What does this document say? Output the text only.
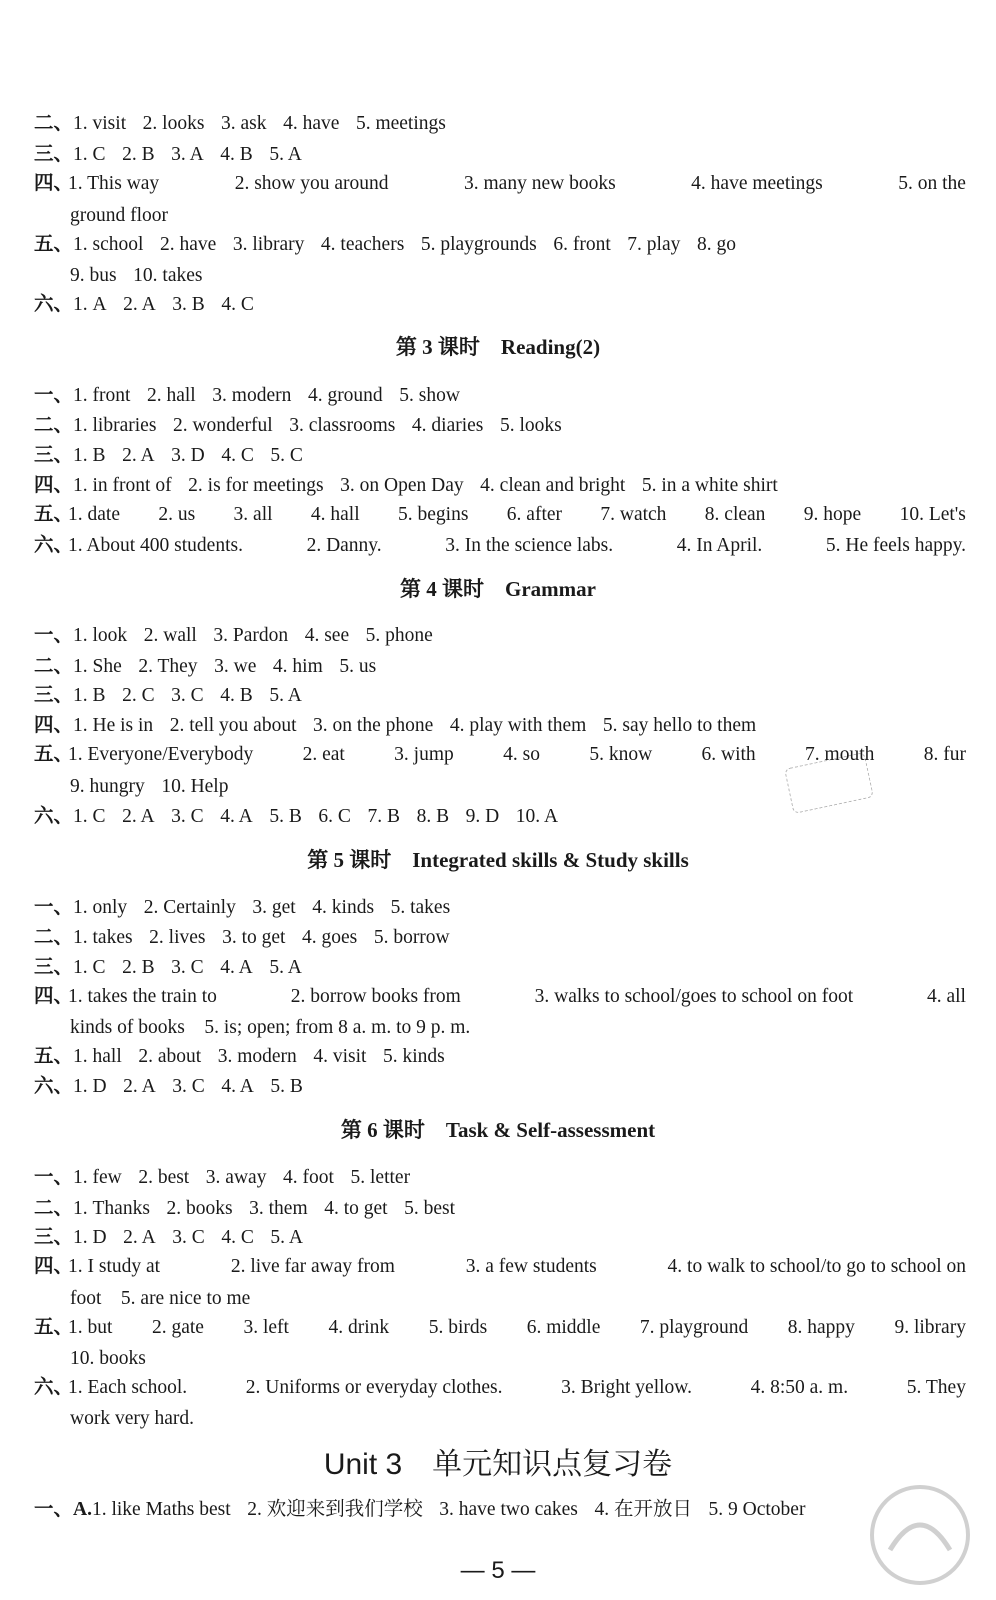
— 5 —
二、1. visit 2. looks 3. ask 4. have 5. meetings
三、1. C 2. B 3. A 4. B 5. A
四、
1. This way	2. show you around	3. many new books	4. have meetings	5. on the
ground floor
五、1. school 2. have 3. library 4. teachers 5. playgrounds 6. front 7. play 8. go
9. bus 10. takes
六、1. A 2. A 3. B 4. C
第 3 课时　Reading(2)
一、1. front 2. hall 3. modern 4. ground 5. show
二、1. libraries 2. wonderful 3. classrooms 4. diaries 5. looks
三、1. B 2. A 3. D 4. C 5. C
四、1. in front of 2. is for meetings 3. on Open Day 4. clean and bright 5. in a white shirt
五、
1. date 2. us 3. all 4. hall 5. begins 6. after 7. watch 8. clean 9. hope 10. Let's
六、
1. About 400 students.	2. Danny.	3. In the science labs.	4. In April.	5. He feels happy.
第 4 课时　Grammar
一、1. look 2. wall 3. Pardon 4. see 5. phone
二、1. She 2. They 3. we 4. him 5. us
三、1. B 2. C 3. C 4. B 5. A
四、1. He is in 2. tell you about 3. on the phone 4. play with them 5. say hello to them
五、
1. Everyone/Everybody	2. eat	3. jump	4. so	5. know	6. with	7. mouth	8. fur
9. hungry 10. Help
六、1. C 2. A 3. C 4. A 5. B 6. C 7. B 8. B 9. D 10. A
第 5 课时　Integrated skills & Study skills
一、1. only 2. Certainly 3. get 4. kinds 5. takes
二、1. takes 2. lives 3. to get 4. goes 5. borrow
三、1. C 2. B 3. C 4. A 5. A
四、
1. takes the train to	2. borrow books from	3. walks to school/goes to school on foot	4. all
kinds of books　5. is; open; from 8 a. m. to 9 p. m.
五、1. hall 2. about 3. modern 4. visit 5. kinds
六、1. D 2. A 3. C 4. A 5. B
第 6 课时　Task & Self-assessment
一、1. few 2. best 3. away 4. foot 5. letter
二、1. Thanks 2. books 3. them 4. to get 5. best
三、1. D 2. A 3. C 4. C 5. A
四、
1. I study at	2. live far away from	3. a few students	4. to walk to school/to go to school on
foot　5. are nice to me
五、
1. but 2. gate 3. left 4. drink 5. birds 6. middle 7. playground 8. happy 9. library
10. books
六、
1. Each school.	2. Uniforms or everyday clothes.	3. Bright yellow.	4. 8:50 a. m.	5. They
work very hard.
Unit 3　单元知识点复习卷
一、A.1. like Maths best 2. 欢迎来到我们学校 3. have two cakes 4. 在开放日 5. 9 October
